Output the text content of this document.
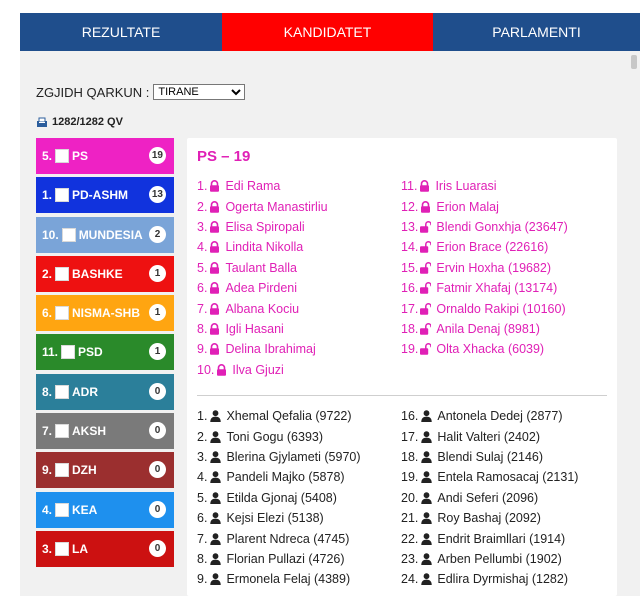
REZULTATE	KANDIDATET	PARLAMENTI
ZGJIDH QARKUN :
TIRANE
1282/1282 QV
5. PS	19
1. PD-ASHM	13
10. MUNDESIA	2
2. BASHKE	1
6. NISMA-SHB	1
11. PSD	1
8. ADR	0
7. AKSH	0
9. DZH	0
4. KEA	0
3. LA	0
PS – 19
1. Edi Rama
2. Ogerta Manastirliu
3. Elisa Spiropali
4. Lindita Nikolla
5. Taulant Balla
6. Adea Pirdeni
7. Albana Kociu
8. Igli Hasani
9. Delina Ibrahimaj
10. Ilva Gjuzi
11. Iris Luarasi
12. Erion Malaj
13. Blendi Gonxhja (23647)
14. Erion Brace (22616)
15. Ervin Hoxha (19682)
16. Fatmir Xhafaj (13174)
17. Ornaldo Rakipi (10160)
18. Anila Denaj (8981)
19. Olta Xhacka (6039)
1. Xhemal Qefalia (9722)
2. Toni Gogu (6393)
3. Blerina Gjylameti (5970)
4. Pandeli Majko (5878)
5. Etilda Gjonaj (5408)
6. Kejsi Elezi (5138)
7. Plarent Ndreca (4745)
8. Florian Pullazi (4726)
9. Ermonela Felaj (4389)
16. Antonela Dedej (2877)
17. Halit Valteri (2402)
18. Blendi Sulaj (2146)
19. Entela Ramosacaj (2131)
20. Andi Seferi (2096)
21. Roy Bashaj (2092)
22. Endrit Braimllari (1914)
23. Arben Pellumbi (1902)
24. Edlira Dyrmishaj (1282)
